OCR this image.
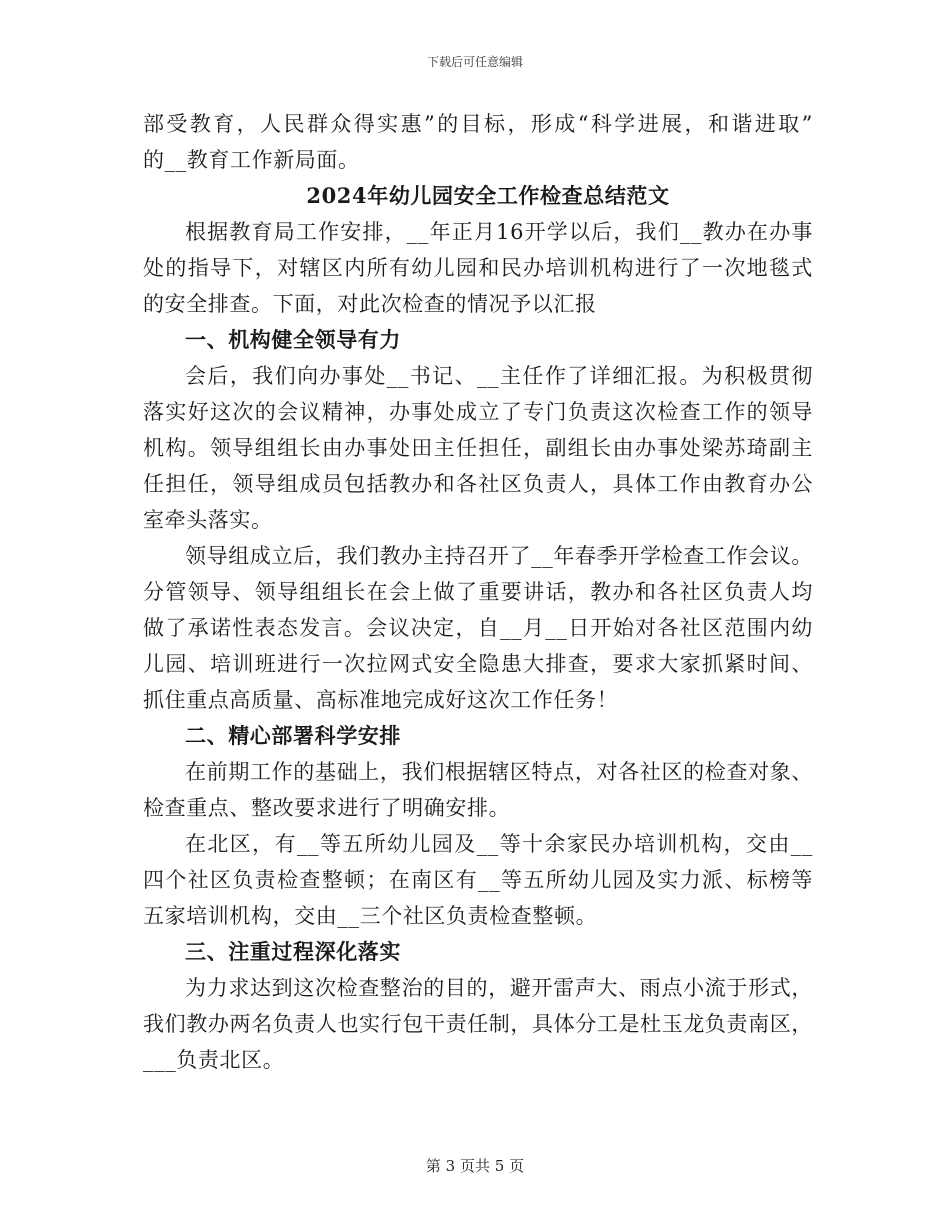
下载后可任意编辑
部受教育，人民群众得实惠”的目标，形成“科学进展，和谐进取”
的__教育工作新局面。
2024年幼儿园安全工作检查总结范文
根据教育局工作安排，__年正月16开学以后，我们__教办在办事
处的指导下，对辖区内所有幼儿园和民办培训机构进行了一次地毯式
的安全排查。下面，对此次检查的情况予以汇报
一、机构健全领导有力
会后，我们向办事处__书记、__主任作了详细汇报。为积极贯彻
落实好这次的会议精神，办事处成立了专门负责这次检查工作的领导
机构。领导组组长由办事处田主任担任，副组长由办事处梁苏琦副主
任担任，领导组成员包括教办和各社区负责人，具体工作由教育办公
室牵头落实。
领导组成立后，我们教办主持召开了__年春季开学检查工作会议。
分管领导、领导组组长在会上做了重要讲话，教办和各社区负责人均
做了承诺性表态发言。会议决定，自__月__日开始对各社区范围内幼
儿园、培训班进行一次拉网式安全隐患大排查，要求大家抓紧时间、
抓住重点高质量、高标准地完成好这次工作任务！
二、精心部署科学安排
在前期工作的基础上，我们根据辖区特点，对各社区的检查对象、
检查重点、整改要求进行了明确安排。
在北区，有__等五所幼儿园及__等十余家民办培训机构，交由__
四个社区负责检查整顿；在南区有__等五所幼儿园及实力派、标榜等
五家培训机构，交由__三个社区负责检查整顿。
三、注重过程深化落实
为力求达到这次检查整治的目的，避开雷声大、雨点小流于形式，
我们教办两名负责人也实行包干责任制，具体分工是杜玉龙负责南区，
___负责北区。
第 3 页共 5 页
